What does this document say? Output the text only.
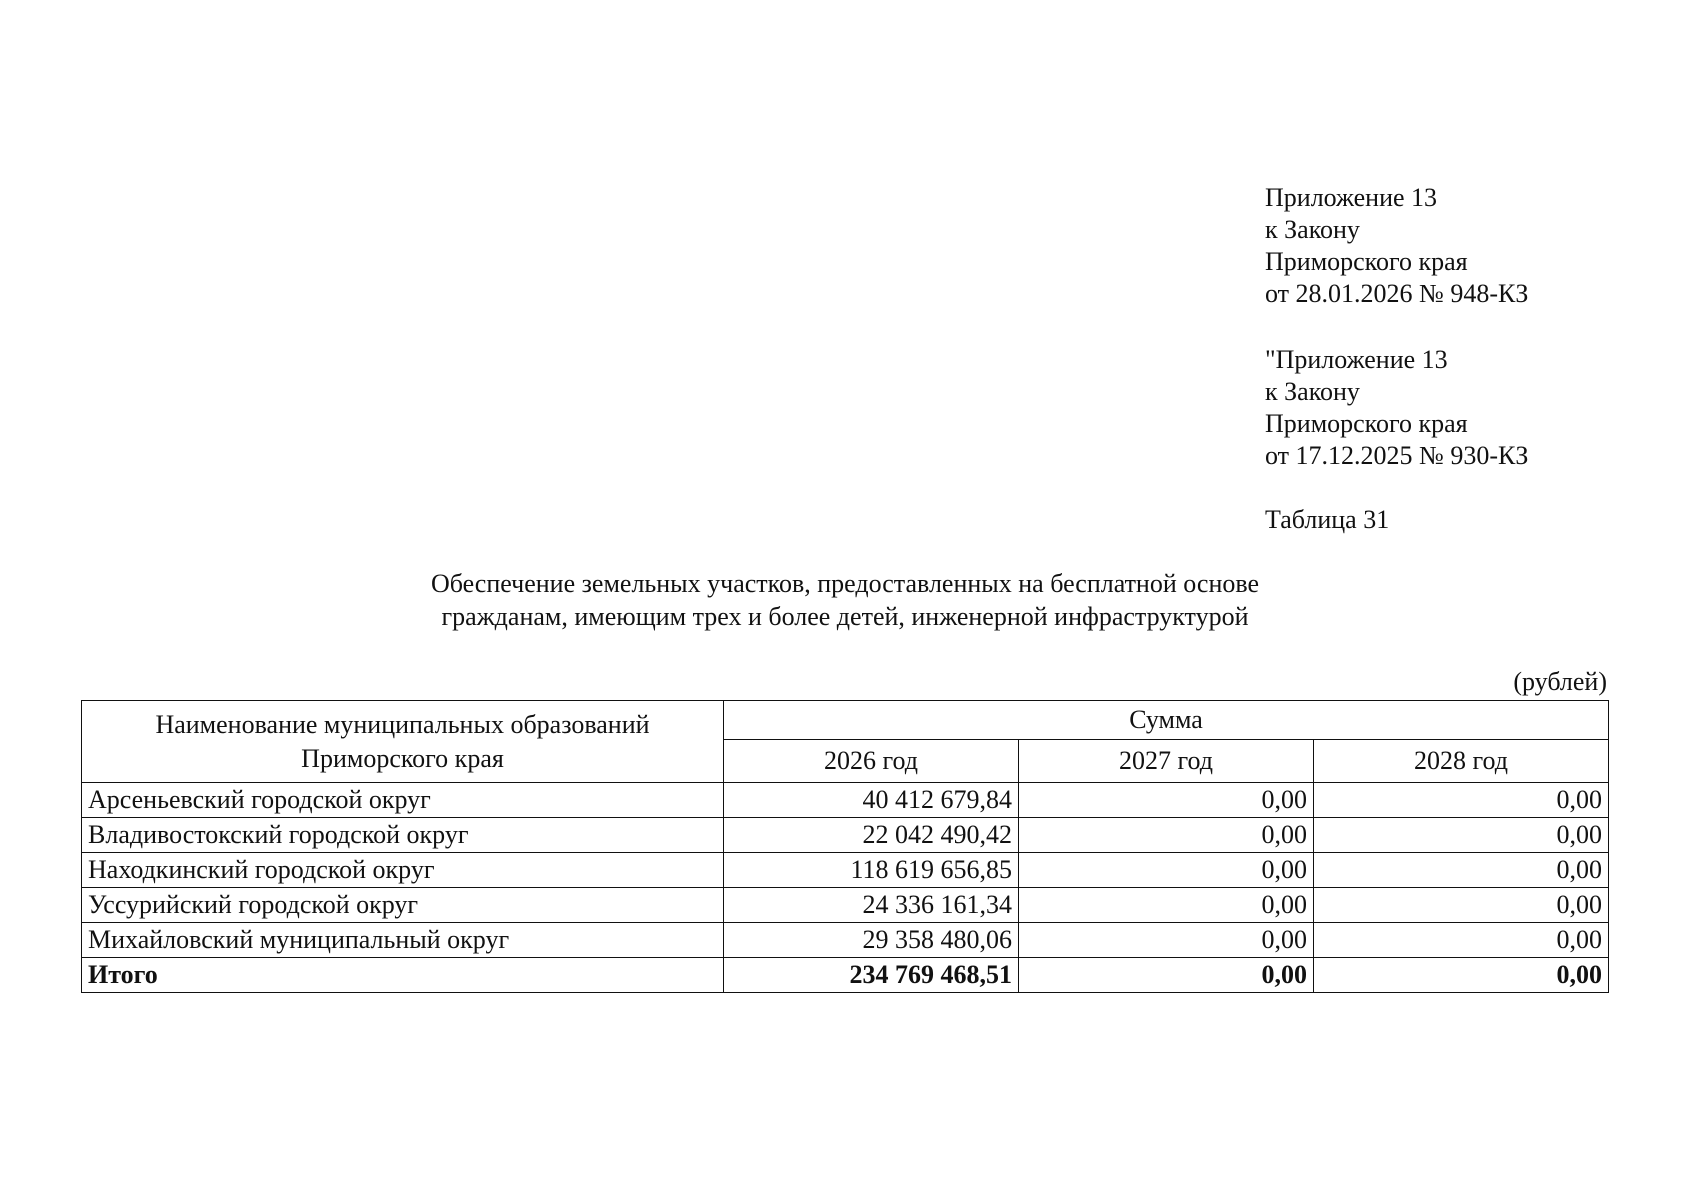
Приложение 13
к Закону
Приморского края
от 28.01.2026 № 948-КЗ
"Приложение 13
к Закону
Приморского края
от 17.12.2025 № 930-КЗ
Таблица 31
Обеспечение земельных участков, предоставленных на бесплатной основе
гражданам, имеющим трех и более детей, инженерной инфраструктурой
(рублей)
Наименование муниципальных образований
Приморского края	Сумма		
	2026 год	2027 год	2028 год
Арсеньевский городской округ	40 412 679,84	0,00	0,00
Владивостокский городской округ	22 042 490,42	0,00	0,00
Находкинский городской округ	118 619 656,85	0,00	0,00
Уссурийский городской округ	24 336 161,34	0,00	0,00
Михайловский муниципальный округ	29 358 480,06	0,00	0,00
Итого	234 769 468,51	0,00	0,00
